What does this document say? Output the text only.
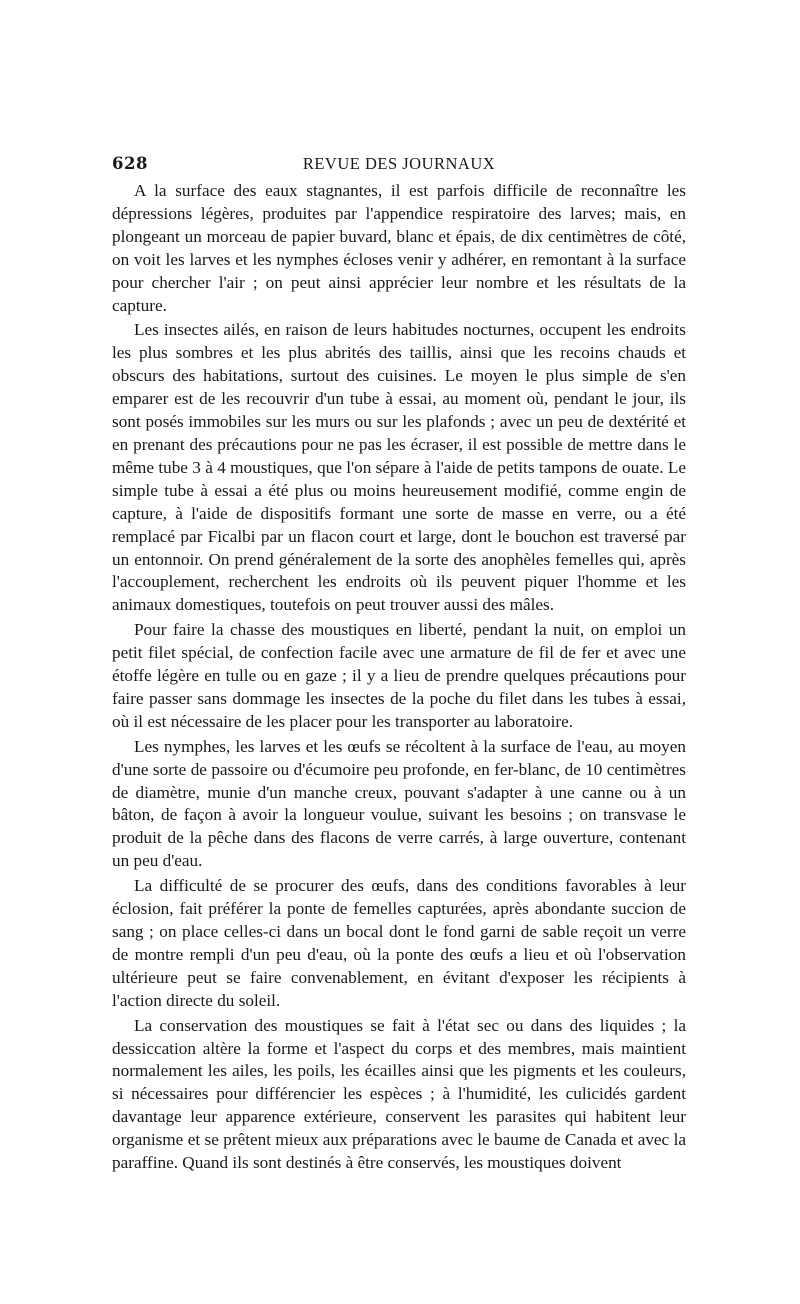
628	REVUE DES JOURNAUX

A la surface des eaux stagnantes, il est parfois difficile de reconnaître les dépressions légères, produites par l'appendice respiratoire des larves; mais, en plongeant un morceau de papier buvard, blanc et épais, de dix centimètres de côté, on voit les larves et les nymphes écloses venir y adhérer, en remontant à la surface pour chercher l'air ; on peut ainsi apprécier leur nombre et les résultats de la capture.

Les insectes ailés, en raison de leurs habitudes nocturnes, occupent les endroits les plus sombres et les plus abrités des taillis, ainsi que les recoins chauds et obscurs des habitations, surtout des cuisines. Le moyen le plus simple de s'en emparer est de les recouvrir d'un tube à essai, au moment où, pendant le jour, ils sont posés immobiles sur les murs ou sur les plafonds ; avec un peu de dextérité et en prenant des précautions pour ne pas les écraser, il est possible de mettre dans le même tube 3 à 4 moustiques, que l'on sépare à l'aide de petits tampons de ouate. Le simple tube à essai a été plus ou moins heureusement modifié, comme engin de capture, à l'aide de dispositifs formant une sorte de masse en verre, ou a été remplacé par Ficalbi par un flacon court et large, dont le bouchon est traversé par un entonnoir. On prend généralement de la sorte des anophèles femelles qui, après l'accouplement, recherchent les endroits où ils peuvent piquer l'homme et les animaux domestiques, toutefois on peut trouver aussi des mâles.

Pour faire la chasse des moustiques en liberté, pendant la nuit, on emploi un petit filet spécial, de confection facile avec une armature de fil de fer et avec une étoffe légère en tulle ou en gaze ; il y a lieu de prendre quelques précautions pour faire passer sans dommage les insectes de la poche du filet dans les tubes à essai, où il est nécessaire de les placer pour les transporter au laboratoire.

Les nymphes, les larves et les œufs se récoltent à la surface de l'eau, au moyen d'une sorte de passoire ou d'écumoire peu profonde, en fer-blanc, de 10 centimètres de diamètre, munie d'un manche creux, pouvant s'adapter à une canne ou à un bâton, de façon à avoir la longueur voulue, suivant les besoins ; on transvase le produit de la pêche dans des flacons de verre carrés, à large ouverture, contenant un peu d'eau.

La difficulté de se procurer des œufs, dans des conditions favorables à leur éclosion, fait préférer la ponte de femelles capturées, après abondante succion de sang ; on place celles-ci dans un bocal dont le fond garni de sable reçoit un verre de montre rempli d'un peu d'eau, où la ponte des œufs a lieu et où l'observation ultérieure peut se faire convenablement, en évitant d'exposer les récipients à l'action directe du soleil.

La conservation des moustiques se fait à l'état sec ou dans des liquides ; la dessiccation altère la forme et l'aspect du corps et des membres, mais maintient normalement les ailes, les poils, les écailles ainsi que les pigments et les couleurs, si nécessaires pour différencier les espèces ; à l'humidité, les culicidés gardent davantage leur apparence extérieure, conservent les parasites qui habitent leur organisme et se prêtent mieux aux préparations avec le baume de Canada et avec la paraffine. Quand ils sont destinés à être conservés, les moustiques doivent
